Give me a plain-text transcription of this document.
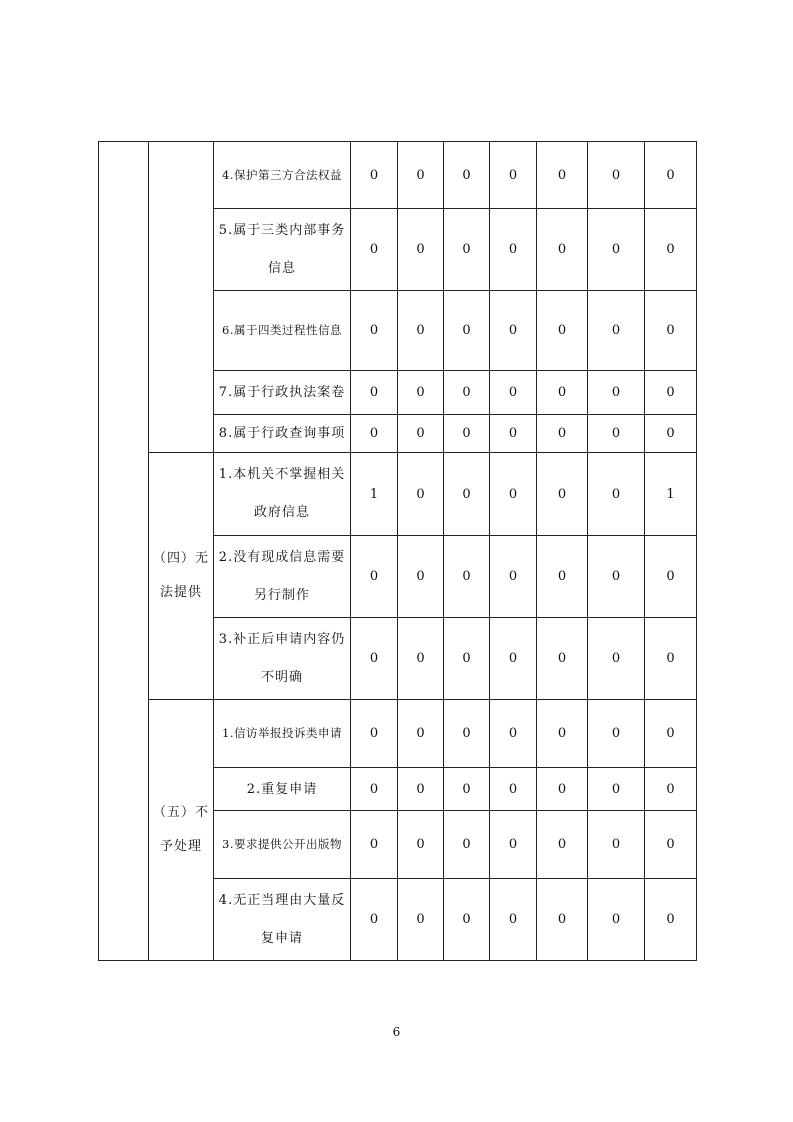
		4.保护第三方合法权益	0	0	0	0	0	0	0
		5.属于三类内部事务信息	0	0	0	0	0	0	0
		6.属于四类过程性信息	0	0	0	0	0	0	0
		7.属于行政执法案卷	0	0	0	0	0	0	0
		8.属于行政查询事项	0	0	0	0	0	0	0
	（四）无法提供	1.本机关不掌握相关政府信息	1	0	0	0	0	0	1
		2.没有现成信息需要另行制作	0	0	0	0	0	0	0
		3.补正后申请内容仍不明确	0	0	0	0	0	0	0
	（五）不予处理	1.信访举报投诉类申请	0	0	0	0	0	0	0
		2.重复申请	0	0	0	0	0	0	0
		3.要求提供公开出版物	0	0	0	0	0	0	0
		4.无正当理由大量反复申请	0	0	0	0	0	0	0
6
